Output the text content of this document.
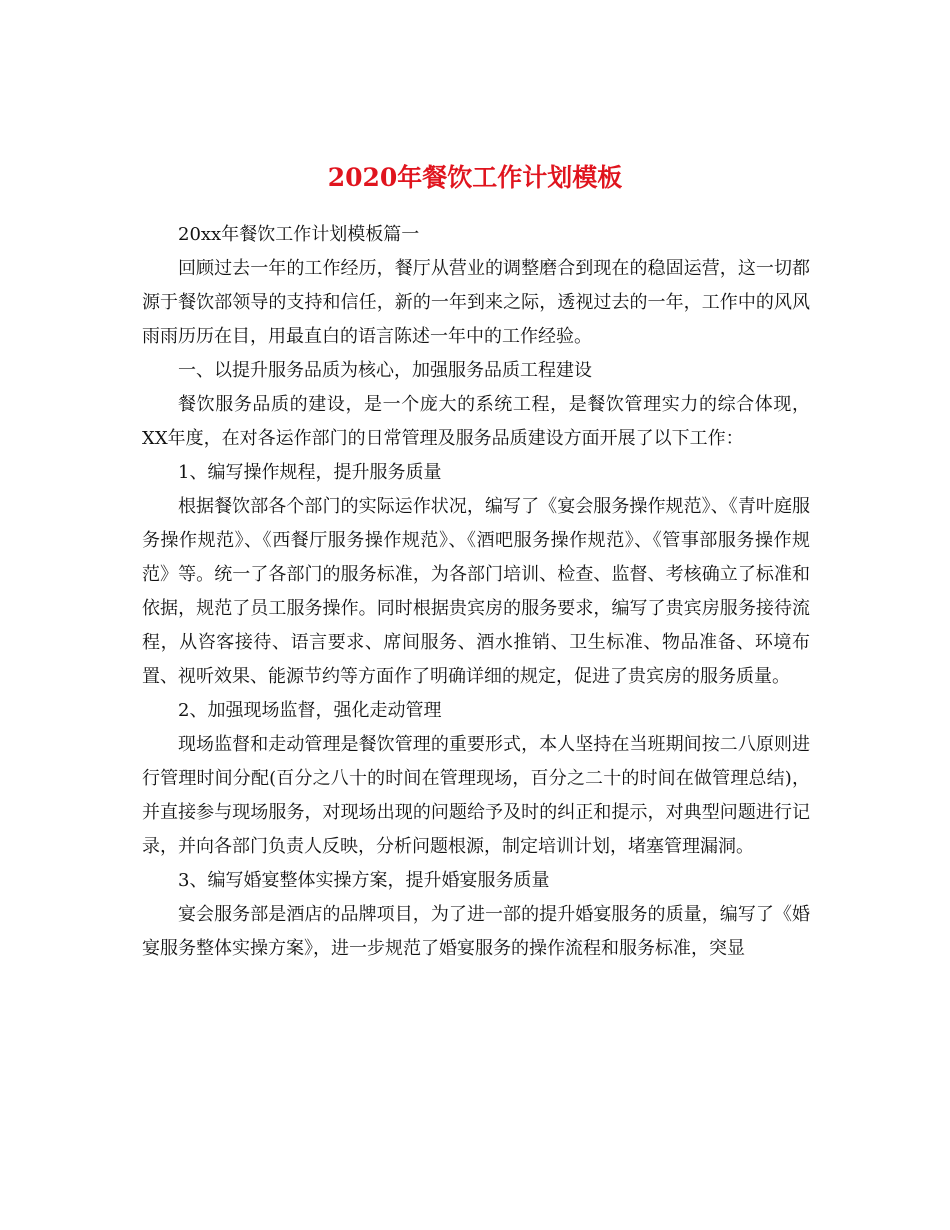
2020年餐饮工作计划模板

20xx年餐饮工作计划模板篇一

回顾过去一年的工作经历，餐厅从营业的调整磨合到现在的稳固运营，这一切都源于餐饮部领导的支持和信任，新的一年到来之际，透视过去的一年，工作中的风风雨雨历历在目，用最直白的语言陈述一年中的工作经验。

一、以提升服务品质为核心，加强服务品质工程建设

餐饮服务品质的建设，是一个庞大的系统工程，是餐饮管理实力的综合体现，XX年度，在对各运作部门的日常管理及服务品质建设方面开展了以下工作：

1、编写操作规程，提升服务质量

根据餐饮部各个部门的实际运作状况，编写了《宴会服务操作规范》、《青叶庭服务操作规范》、《西餐厅服务操作规范》、《酒吧服务操作规范》、《管事部服务操作规范》等。统一了各部门的服务标准，为各部门培训、检查、监督、考核确立了标准和依据，规范了员工服务操作。同时根据贵宾房的服务要求，编写了贵宾房服务接待流程，从咨客接待、语言要求、席间服务、酒水推销、卫生标准、物品准备、环境布置、视听效果、能源节约等方面作了明确详细的规定，促进了贵宾房的服务质量。

2、加强现场监督，强化走动管理

现场监督和走动管理是餐饮管理的重要形式，本人坚持在当班期间按二八原则进行管理时间分配(百分之八十的时间在管理现场，百分之二十的时间在做管理总结)，并直接参与现场服务，对现场出现的问题给予及时的纠正和提示，对典型问题进行记录，并向各部门负责人反映，分析问题根源，制定培训计划，堵塞管理漏洞。

3、编写婚宴整体实操方案，提升婚宴服务质量

宴会服务部是酒店的品牌项目，为了进一部的提升婚宴服务的质量，编写了《婚宴服务整体实操方案》，进一步规范了婚宴服务的操作流程和服务标准，突显
